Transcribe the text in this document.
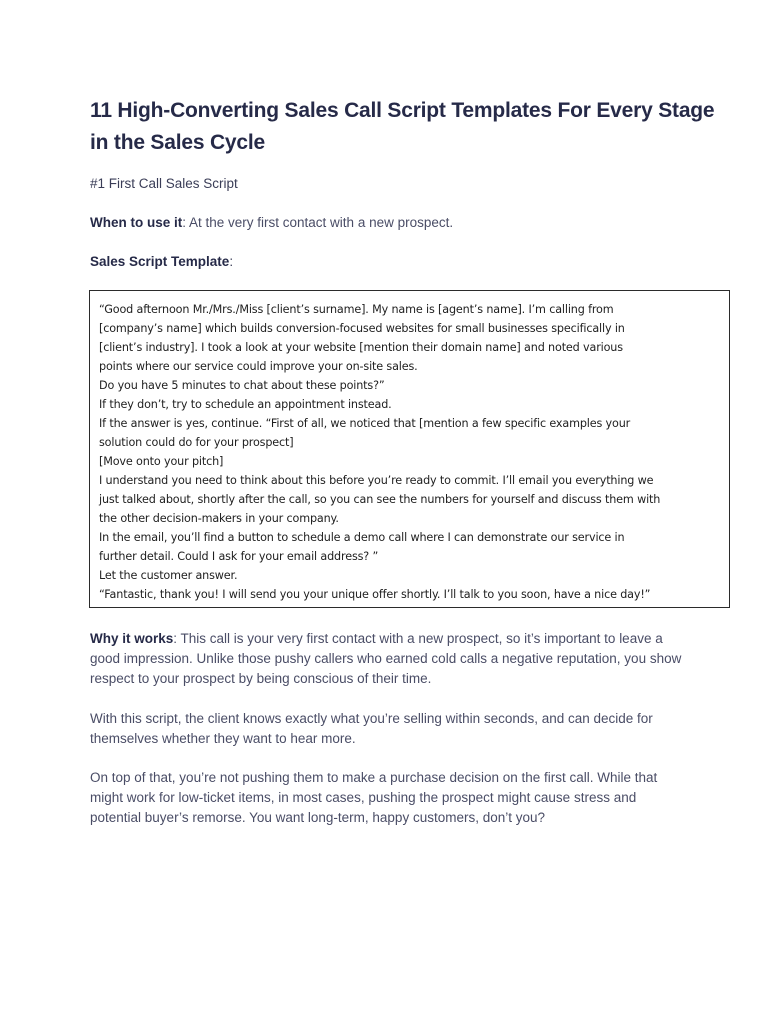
11 High-Converting Sales Call Script Templates For Every Stage in the Sales Cycle
#1 First Call Sales Script
When to use it: At the very first contact with a new prospect.
Sales Script Template:
“Good afternoon Mr./Mrs./Miss [client’s surname]. My name is [agent’s name]. I’m calling from
[company’s name] which builds conversion-focused websites for small businesses specifically in
[client’s industry]. I took a look at your website [mention their domain name] and noted various
points where our service could improve your on-site sales.
Do you have 5 minutes to chat about these points?”
If they don’t, try to schedule an appointment instead.
If the answer is yes, continue. “First of all, we noticed that [mention a few specific examples your
solution could do for your prospect]
[Move onto your pitch]
I understand you need to think about this before you’re ready to commit. I’ll email you everything we
just talked about, shortly after the call, so you can see the numbers for yourself and discuss them with
the other decision-makers in your company.
In the email, you’ll find a button to schedule a demo call where I can demonstrate our service in
further detail. Could I ask for your email address? ”
Let the customer answer.
“Fantastic, thank you! I will send you your unique offer shortly. I’ll talk to you soon, have a nice day!”

Why it works: This call is your very first contact with a new prospect, so it’s important to leave a good impression. Unlike those pushy callers who earned cold calls a negative reputation, you show respect to your prospect by being conscious of their time.

With this script, the client knows exactly what you’re selling within seconds, and can decide for themselves whether they want to hear more.

On top of that, you’re not pushing them to make a purchase decision on the first call. While that might work for low-ticket items, in most cases, pushing the prospect might cause stress and potential buyer’s remorse. You want long-term, happy customers, don’t you?
